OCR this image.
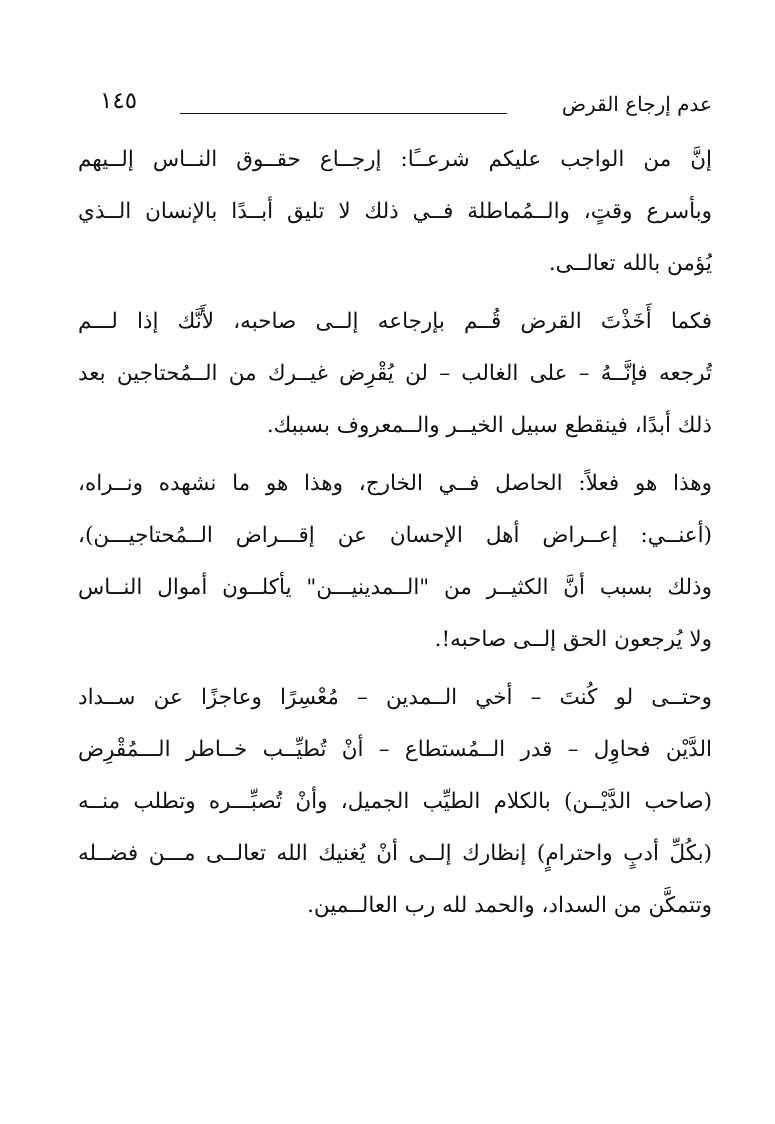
عدم إرجاع القرض
١٤٥
إنَّ من الواجب عليكم شرعــًا: إرجــاع حقــوق النــاس إلــيهم
وبأسرع وقتٍ، والــمُماطلة فــي ذلك لا تليق أبــدًا بالإنسان الــذي
يُؤمن بالله تعالــى.
فكما أَخَذْتَ القرض قُــم بإرجاعه إلــى صاحبه، لأَنَّك إذا لـــم
تُرجعه فإنَّــهُ – على الغالب – لن يُقْرِض غيــرك من الــمُحتاجين بعد
ذلك أبدًا، فينقطع سبيل الخيــر والــمعروف بسببك.
وهذا هو فعلاً: الحاصل فــي الخارج، وهذا هو ما نشهده ونــراه،
(أعنــي: إعــراض أهل الإحسان عن إقـــراض الــمُحتاجيـــن)،
وذلك بسبب أنَّ الكثيــر من "الــمدينيـــن" يأكلــون أموال النــاس
ولا يُرجعون الحق إلــى صاحبه!.
وحتــى لو كُنتَ – أخي الــمدين – مُعْسِرًا وعاجزًا عن ســداد
الدَّيْن فحاوِل – قدر الــمُستطاع – أنْ تُطيِّــب خــاطر الـــمُقْرِض
(صاحب الدَّيْــن) بالكلام الطيِّب الجميل، وأنْ تُصبِّـــره وتطلب منــه
(بكُلِّ أدبٍ واحترامٍ) إنظارك إلــى أنْ يُغنيك الله تعالــى مـــن فضــله
وتتمكَّن من السداد، والحمد لله رب العالــمين.
